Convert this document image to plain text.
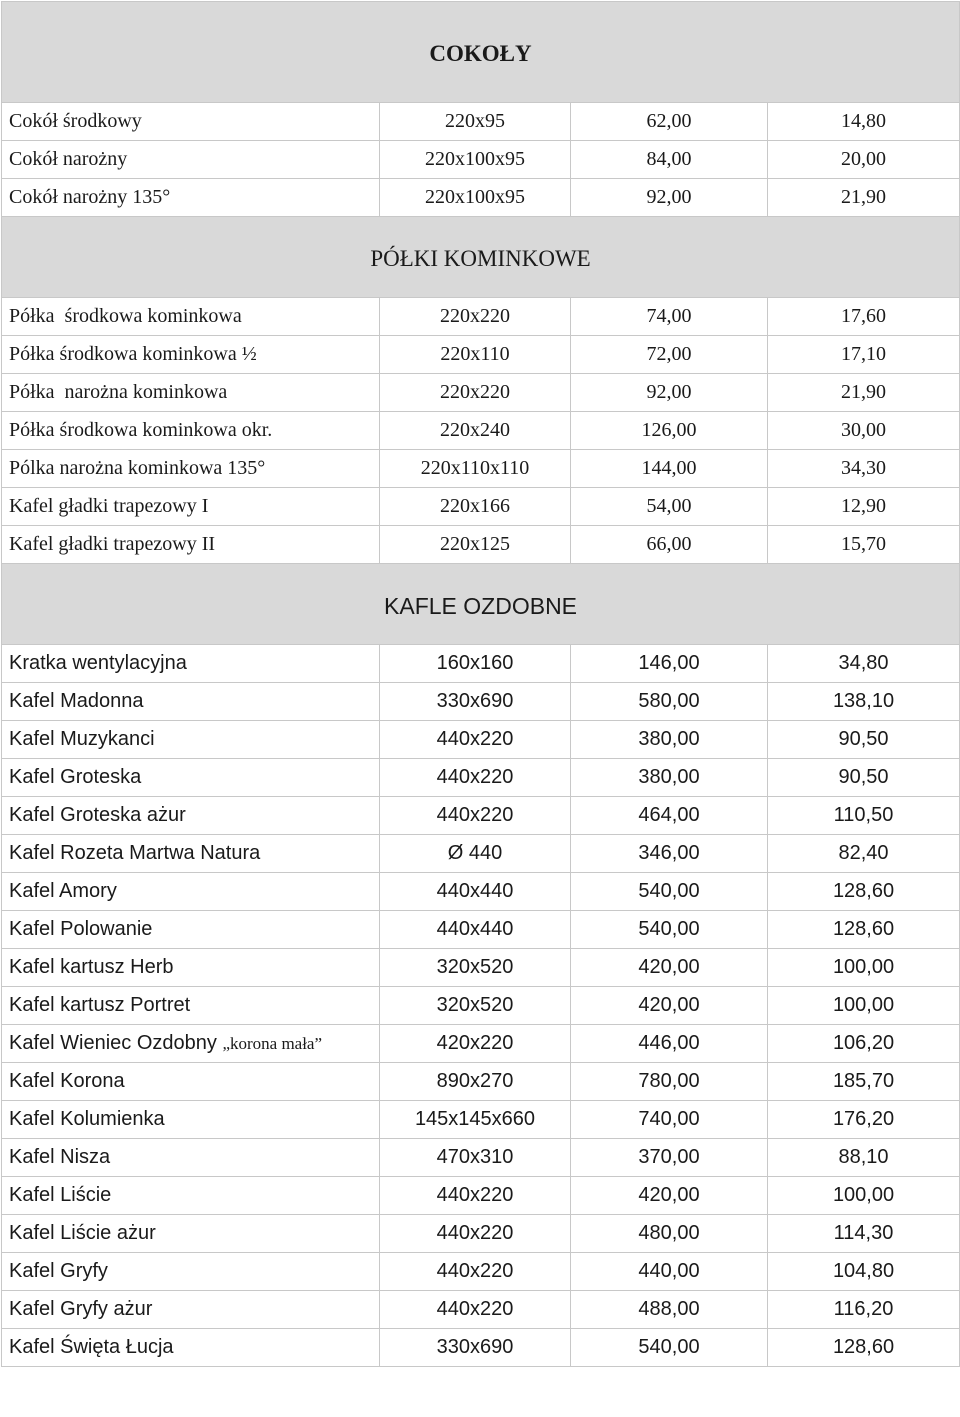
COKOŁY			
Cokół środkowy	220x95	62,00	14,80
Cokół narożny	220x100x95	84,00	20,00
Cokół narożny 135°	220x100x95	92,00	21,90
PÓŁKI KOMINKOWE			
Półka  środkowa kominkowa	220x220	74,00	17,60
Półka środkowa kominkowa ½	220x110	72,00	17,10
Półka  narożna kominkowa	220x220	92,00	21,90
Półka środkowa kominkowa okr.	220x240	126,00	30,00
Pólka narożna kominkowa 135°	220x110x110	144,00	34,30
Kafel gładki trapezowy I	220x166	54,00	12,90
Kafel gładki trapezowy II	220x125	66,00	15,70
KAFLE OZDOBNE			
Kratka wentylacyjna	160x160	146,00	34,80
Kafel Madonna	330x690	580,00	138,10
Kafel Muzykanci	440x220	380,00	90,50
Kafel Groteska	440x220	380,00	90,50
Kafel Groteska ażur	440x220	464,00	110,50
Kafel Rozeta Martwa Natura	Ø 440	346,00	82,40
Kafel Amory	440x440	540,00	128,60
Kafel Polowanie	440x440	540,00	128,60
Kafel kartusz Herb	320x520	420,00	100,00
Kafel kartusz Portret	320x520	420,00	100,00
Kafel Wieniec Ozdobny „korona mała”	420x220	446,00	106,20
Kafel Korona	890x270	780,00	185,70
Kafel Kolumienka	145x145x660	740,00	176,20
Kafel Nisza	470x310	370,00	88,10
Kafel Liście	440x220	420,00	100,00
Kafel Liście ażur	440x220	480,00	114,30
Kafel Gryfy	440x220	440,00	104,80
Kafel Gryfy ażur	440x220	488,00	116,20
Kafel Święta Łucja	330x690	540,00	128,60
